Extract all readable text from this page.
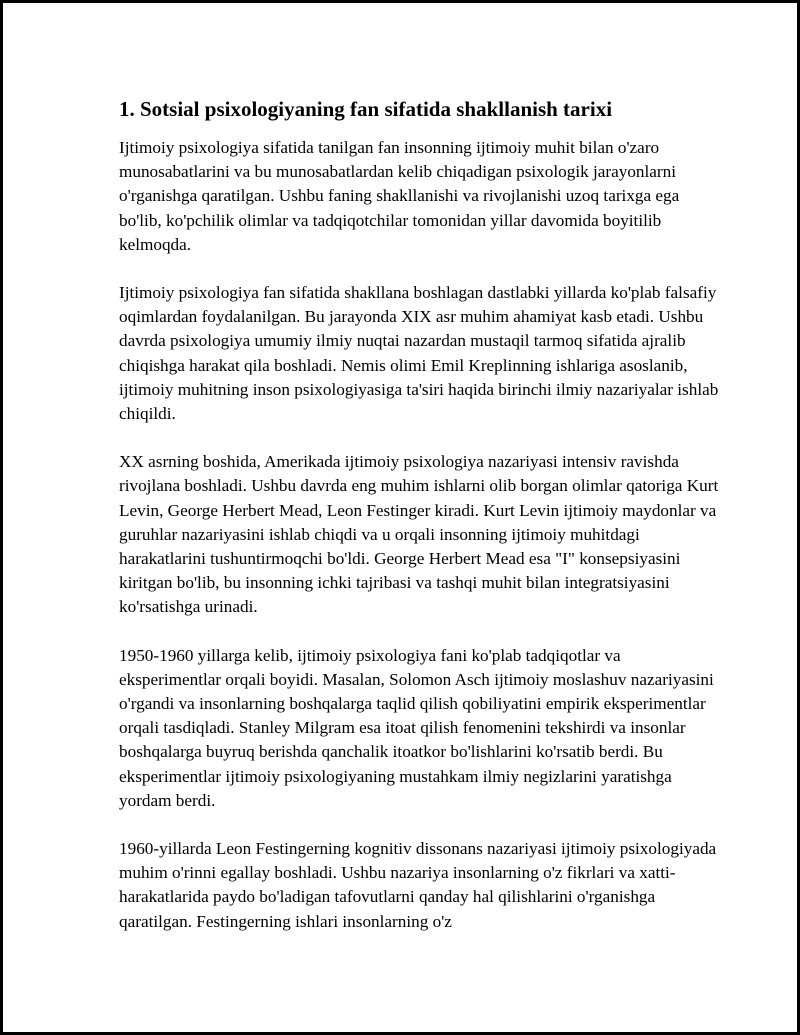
1. Sotsial psixologiyaning fan sifatida shakllanish tarixi

Ijtimoiy psixologiya sifatida tanilgan fan insonning ijtimoiy muhit bilan o'zaro munosabatlarini va bu munosabatlardan kelib chiqadigan psixologik jarayonlarni o'rganishga qaratilgan. Ushbu faning shakllanishi va rivojlanishi uzoq tarixga ega bo'lib, ko'pchilik olimlar va tadqiqotchilar tomonidan yillar davomida boyitilib kelmoqda.

Ijtimoiy psixologiya fan sifatida shakllana boshlagan dastlabki yillarda ko'plab falsafiy oqimlardan foydalanilgan. Bu jarayonda XIX asr muhim ahamiyat kasb etadi. Ushbu davrda psixologiya umumiy ilmiy nuqtai nazardan mustaqil tarmoq sifatida ajralib chiqishga harakat qila boshladi. Nemis olimi Emil Kreplinning ishlariga asoslanib, ijtimoiy muhitning inson psixologiyasiga ta'siri haqida birinchi ilmiy nazariyalar ishlab chiqildi.

XX asrning boshida, Amerikada ijtimoiy psixologiya nazariyasi intensiv ravishda rivojlana boshladi. Ushbu davrda eng muhim ishlarni olib borgan olimlar qatoriga Kurt Levin, George Herbert Mead, Leon Festinger kiradi. Kurt Levin ijtimoiy maydonlar va guruhlar nazariyasini ishlab chiqdi va u orqali insonning ijtimoiy muhitdagi harakatlarini tushuntirmoqchi bo'ldi. George Herbert Mead esa "I" konsepsiyasini kiritgan bo'lib, bu insonning ichki tajribasi va tashqi muhit bilan integratsiyasini ko'rsatishga urinadi.

1950-1960 yillarga kelib, ijtimoiy psixologiya fani ko'plab tadqiqotlar va eksperimentlar orqali boyidi. Masalan, Solomon Asch ijtimoiy moslashuv nazariyasini o'rgandi va insonlarning boshqalarga taqlid qilish qobiliyatini empirik eksperimentlar orqali tasdiqladi. Stanley Milgram esa itoat qilish fenomenini tekshirdi va insonlar boshqalarga buyruq berishda qanchalik itoatkor bo'lishlarini ko'rsatib berdi. Bu eksperimentlar ijtimoiy psixologiyaning mustahkam ilmiy negizlarini yaratishga yordam berdi.

1960-yillarda Leon Festingerning kognitiv dissonans nazariyasi ijtimoiy psixologiyada muhim o'rinni egallay boshladi. Ushbu nazariya insonlarning o'z fikrlari va xatti-harakatlarida paydo bo'ladigan tafovutlarni qanday hal qilishlarini o'rganishga qaratilgan. Festingerning ishlari insonlarning o'z
